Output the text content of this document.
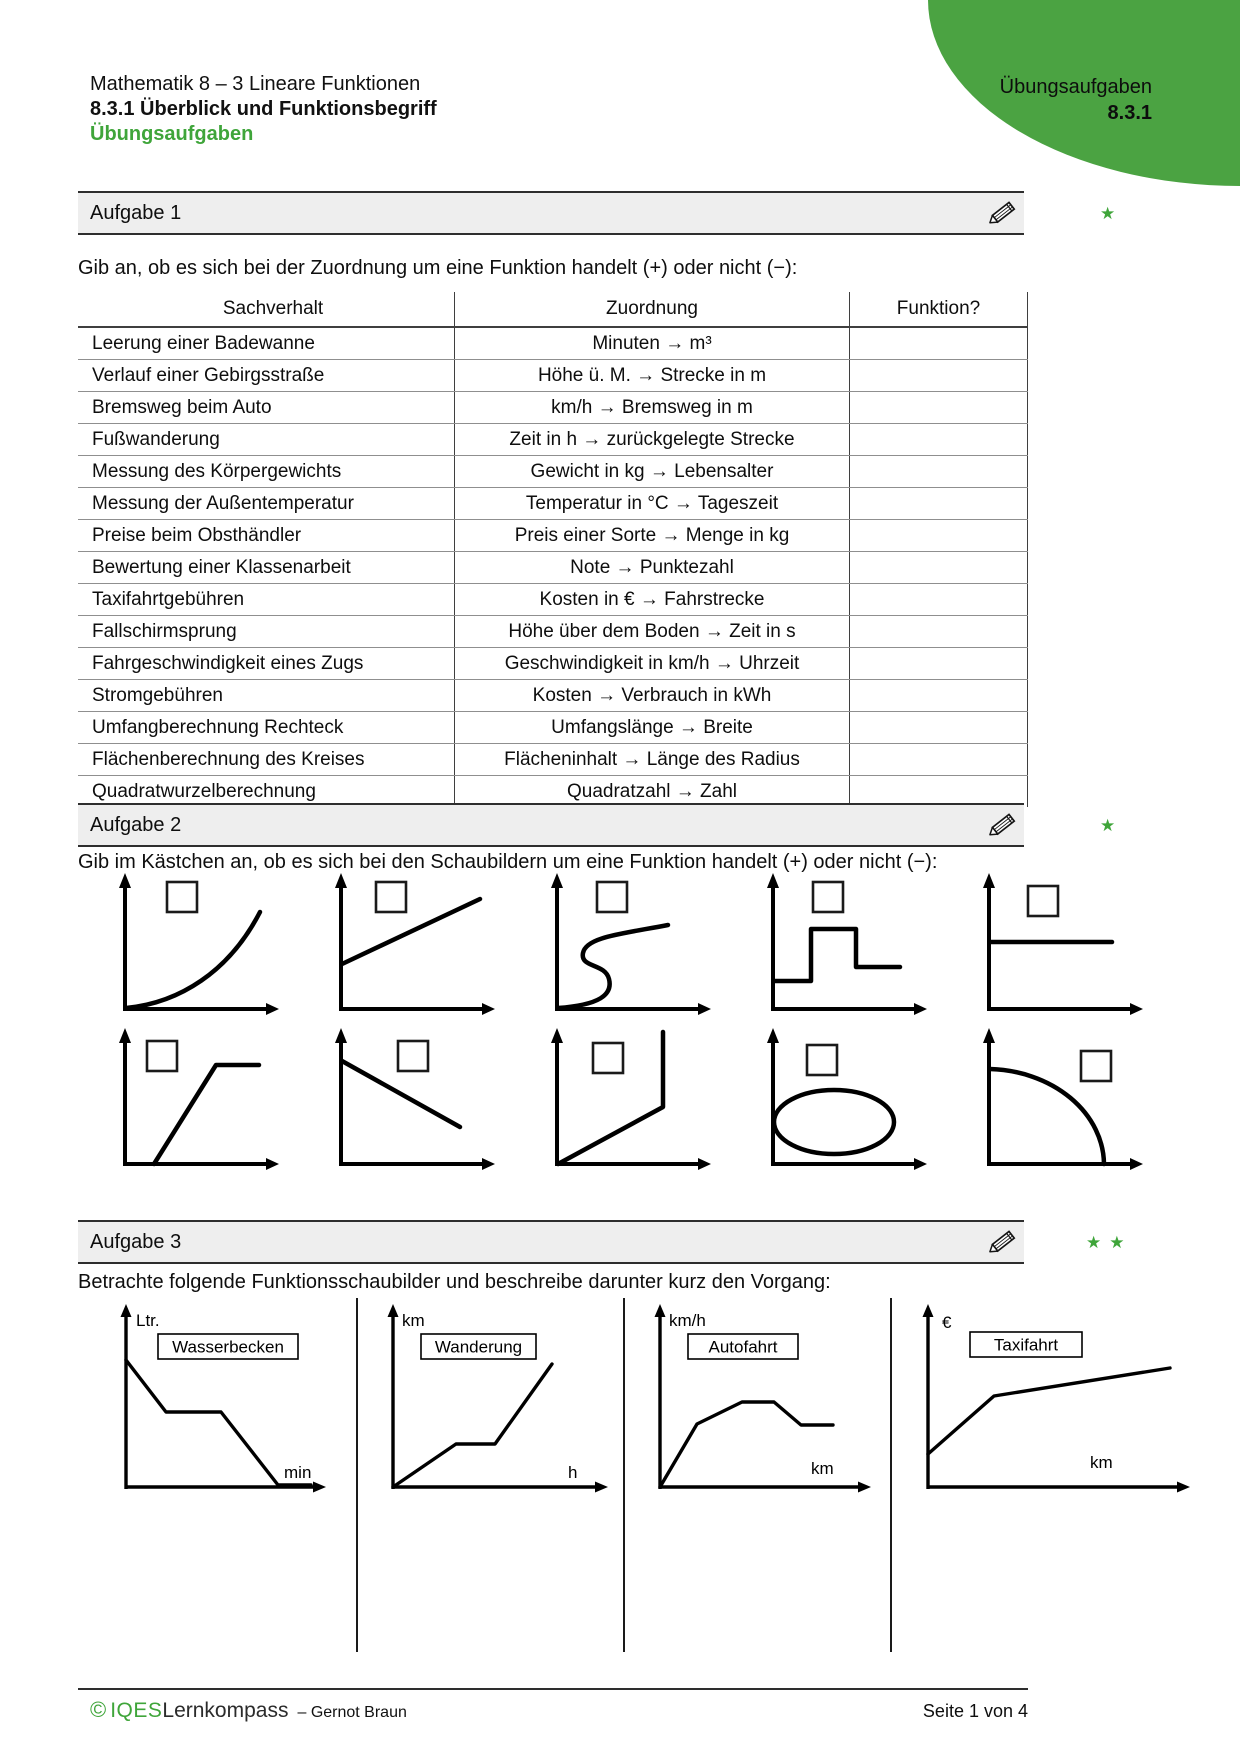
Übungsaufgaben
8.3.1
Mathematik 8 – 3 Lineare Funktionen
8.3.1 Überblick und Funktionsbegriff
Übungsaufgaben
Aufgabe 1	★
Gib an, ob es sich bei der Zuordnung um eine Funktion handelt (+) oder nicht (−):
Sachverhalt	Zuordnung	Funktion?
Leerung einer Badewanne	Minuten → m³
Verlauf einer Gebirgsstraße	Höhe ü. M. → Strecke in m
Bremsweg beim Auto	km/h → Bremsweg in m
Fußwanderung	Zeit in h → zurückgelegte Strecke
Messung des Körpergewichts	Gewicht in kg → Lebensalter
Messung der Außentemperatur	Temperatur in °C → Tageszeit
Preise beim Obsthändler	Preis einer Sorte → Menge in kg
Bewertung einer Klassenarbeit	Note → Punktezahl
Taxifahrtgebühren	Kosten in € → Fahrstrecke
Fallschirmsprung	Höhe über dem Boden → Zeit in s
Fahrgeschwindigkeit eines Zugs	Geschwindigkeit in km/h → Uhrzeit
Stromgebühren	Kosten → Verbrauch in kWh
Umfangberechnung Rechteck	Umfangslänge → Breite
Flächenberechnung des Kreises	Flächeninhalt → Länge des Radius
Quadratwurzelberechnung	Quadratzahl → Zahl
Aufgabe 2	★
Gib im Kästchen an, ob es sich bei den Schaubildern um eine Funktion handelt (+) oder nicht (−):
Aufgabe 3	★★
Betrachte folgende Funktionsschaubilder und beschreibe darunter kurz den Vorgang:
Ltr.
min
Wasserbecken
km
h
Wanderung
km/h
km
Autofahrt
€
km
Taxifahrt
© IQES Lernkompass – Gernot Braun	Seite 1 von 4
